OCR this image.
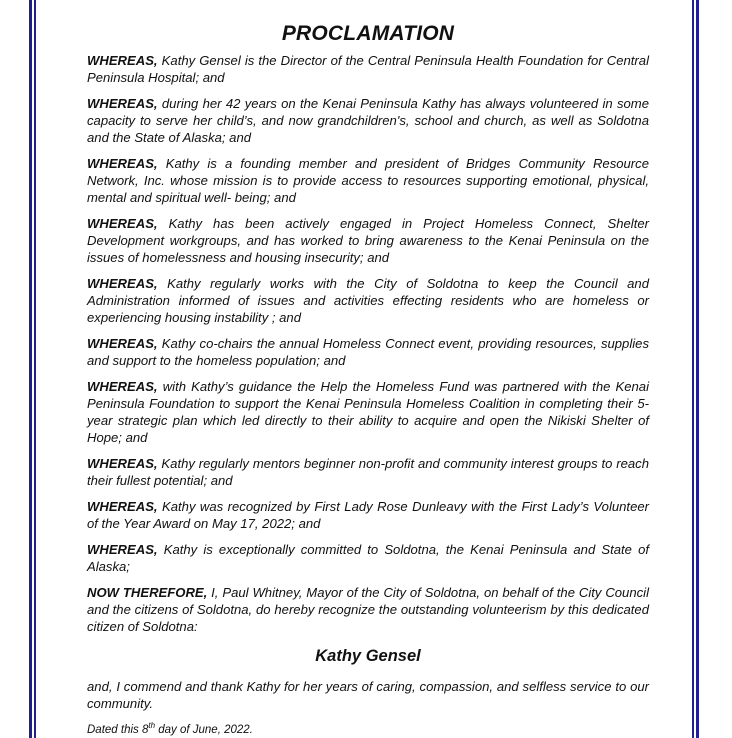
PROCLAMATION

WHEREAS, Kathy Gensel is the Director of the Central Peninsula Health Foundation for Central Peninsula Hospital; and

WHEREAS, during her 42 years on the Kenai Peninsula Kathy has always volunteered in some capacity to serve her child’s, and now grandchildren's, school and church, as well as Soldotna and the State of Alaska; and

WHEREAS, Kathy is a founding member and president of Bridges Community Resource Network, Inc. whose mission is to provide access to resources supporting emotional, physical, mental and spiritual well- being; and

WHEREAS, Kathy has been actively engaged in Project Homeless Connect, Shelter Development workgroups, and has worked to bring awareness to the Kenai Peninsula on the issues of homelessness and housing insecurity; and

WHEREAS, Kathy regularly works with the City of Soldotna to keep the Council and Administration informed of issues and activities effecting residents who are homeless or experiencing housing instability ; and

WHEREAS, Kathy co-chairs the annual Homeless Connect event, providing resources, supplies and support to the homeless population; and

WHEREAS, with Kathy’s guidance the Help the Homeless Fund was partnered with the Kenai Peninsula Foundation to support the Kenai Peninsula Homeless Coalition in completing their 5-year strategic plan which led directly to their ability to acquire and open the Nikiski Shelter of Hope; and

WHEREAS, Kathy regularly mentors beginner non-profit and community interest groups to reach their fullest potential; and

WHEREAS, Kathy was recognized by First Lady Rose Dunleavy with the First Lady’s Volunteer of the Year Award on May 17, 2022; and

WHEREAS, Kathy is exceptionally committed to Soldotna, the Kenai Peninsula and State of Alaska;

NOW THEREFORE, I, Paul Whitney, Mayor of the City of Soldotna, on behalf of the City Council and the citizens of Soldotna, do hereby recognize the outstanding volunteerism by this dedicated citizen of Soldotna:

Kathy Gensel

and, I commend and thank Kathy for her years of caring, compassion, and selfless service to our community.

Dated this 8th day of June, 2022.
